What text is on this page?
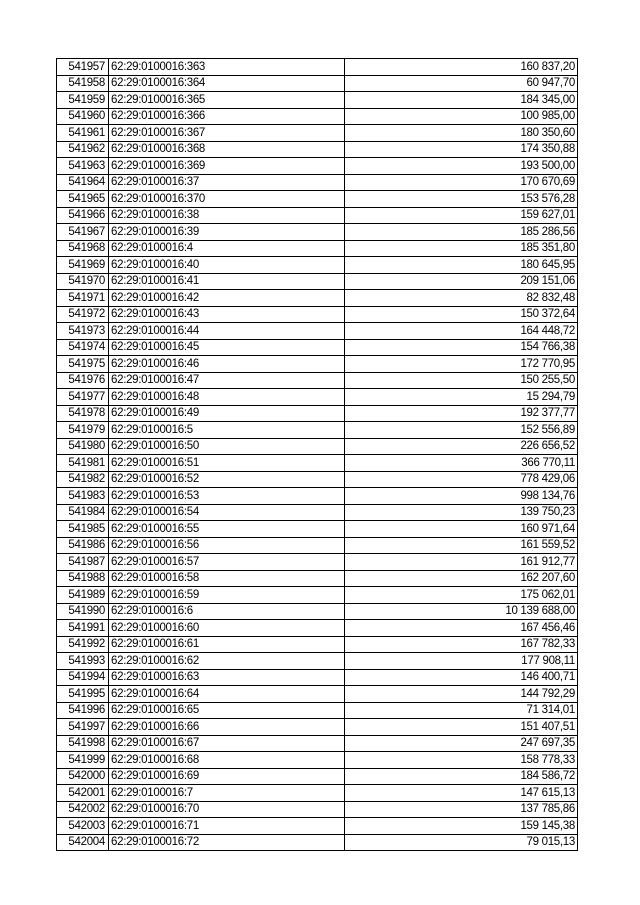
541957	62:29:0100016:363	160 837,20
541958	62:29:0100016:364	60 947,70
541959	62:29:0100016:365	184 345,00
541960	62:29:0100016:366	100 985,00
541961	62:29:0100016:367	180 350,60
541962	62:29:0100016:368	174 350,88
541963	62:29:0100016:369	193 500,00
541964	62:29:0100016:37	170 670,69
541965	62:29:0100016:370	153 576,28
541966	62:29:0100016:38	159 627,01
541967	62:29:0100016:39	185 286,56
541968	62:29:0100016:4	185 351,80
541969	62:29:0100016:40	180 645,95
541970	62:29:0100016:41	209 151,06
541971	62:29:0100016:42	82 832,48
541972	62:29:0100016:43	150 372,64
541973	62:29:0100016:44	164 448,72
541974	62:29:0100016:45	154 766,38
541975	62:29:0100016:46	172 770,95
541976	62:29:0100016:47	150 255,50
541977	62:29:0100016:48	15 294,79
541978	62:29:0100016:49	192 377,77
541979	62:29:0100016:5	152 556,89
541980	62:29:0100016:50	226 656,52
541981	62:29:0100016:51	366 770,11
541982	62:29:0100016:52	778 429,06
541983	62:29:0100016:53	998 134,76
541984	62:29:0100016:54	139 750,23
541985	62:29:0100016:55	160 971,64
541986	62:29:0100016:56	161 559,52
541987	62:29:0100016:57	161 912,77
541988	62:29:0100016:58	162 207,60
541989	62:29:0100016:59	175 062,01
541990	62:29:0100016:6	10 139 688,00
541991	62:29:0100016:60	167 456,46
541992	62:29:0100016:61	167 782,33
541993	62:29:0100016:62	177 908,11
541994	62:29:0100016:63	146 400,71
541995	62:29:0100016:64	144 792,29
541996	62:29:0100016:65	71 314,01
541997	62:29:0100016:66	151 407,51
541998	62:29:0100016:67	247 697,35
541999	62:29:0100016:68	158 778,33
542000	62:29:0100016:69	184 586,72
542001	62:29:0100016:7	147 615,13
542002	62:29:0100016:70	137 785,86
542003	62:29:0100016:71	159 145,38
542004	62:29:0100016:72	79 015,13
